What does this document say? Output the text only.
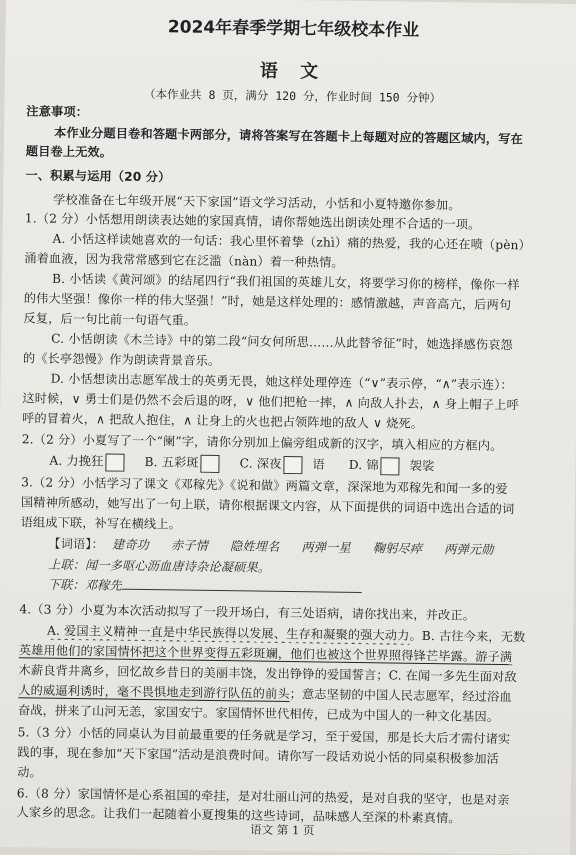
2024年春季学期七年级校本作业
语 文
（本作业共 8 页，满分 120 分，作业时间 150 分钟）
注意事项：
本作业分题目卷和答题卡两部分，请将答案写在答题卡上每题对应的答题区域内，写在
题目卷上无效。
一、积累与运用（20 分）
学校准备在七年级开展“天下家国”语文学习活动，小恬和小夏特邀你参加。
1.（2 分）小恬想用朗读表达她的家国真情，请你帮她选出朗读处理不合适的一项。
A. 小恬这样读她喜欢的一句话：我心里怀着挚（zhì）痛的热爱，我的心还在喷（pèn）
涌着血液，因为我常常感到它在泛滥（nàn）着一种热情。
B. 小恬读《黄河颂》的结尾四行“我们祖国的英雄儿女，将要学习你的榜样，像你一样
的伟大坚强！像你一样的伟大坚强！”时，她是这样处理的：感情激越，声音高亢，后两句
反复，后一句比前一句语气重。
C. 小恬朗读《木兰诗》中的第二段“问女何所思……从此替爷征”时，她选择感伤哀怨
的《长亭怨慢》作为朗读背景音乐。
D. 小恬想读出志愿军战士的英勇无畏，她这样处理停连（“∨”表示停，“∧”表示连）：
这时候，∨ 勇士们是仍然不会后退的呀，∨ 他们把枪一摔，∧ 向敌人扑去，∧ 身上帽子上呼
呼的冒着火，∧ 把敌人抱住，∧ 让身上的火也把占领阵地的敌人 ∨ 烧死。
2.（2 分）小夏写了一个“阑”字，请你分别加上偏旁组成新的汉字，填入相应的方框内。
A. 力挽狂	B. 五彩斑	C. 深夜	语 D. 锦	袈裟
3.（2 分）小恬学习了课文《邓稼先》《说和做》两篇文章，深深地为邓稼先和闻一多的爱
国精神所感动，她写出了一句上联，请你根据课文内容，从下面提供的词语中选出合适的词
语组成下联，补写在横线上。
【词语】： 建奇功 赤子情 隐姓埋名 两弹一星 鞠躬尽瘁 两弹元勋
上联：闻一多呕心沥血唐诗杂论凝硕果。
下联：邓稼先
4.（3 分）小夏为本次活动拟写了一段开场白，有三处语病，请你找出来，并改正。
A. 爱国主义精神一直是中华民族得以发展、生存和凝聚的强大动力。B. 古往今来，无数
英雄用他们的家国情怀把这个世界变得五彩斑斓，他们也被这个世界照得锋芒毕露。游子满
木薪良背井离乡，回忆故乡昔日的美丽丰饶，发出铮铮的爱国誓言；C. 在闻一多先生面对敌
人的威逼利诱时，毫不畏惧地走到游行队伍的前头；意志坚韧的中国人民志愿军，经过浴血
奋战，拼来了山河无恙，家国安宁。家国情怀世代相传，已成为中国人的一种文化基因。
5.（3 分）小恬的同桌认为目前最重要的任务就是学习，至于爱国，那是长大后才需付诸实
践的事，现在参加“天下家国”活动是浪费时间。请你写一段话劝说小恬的同桌积极参加活
动。
6.（8 分）家国情怀是心系祖国的牵挂，是对壮丽山河的热爱，是对自我的坚守，也是对亲
人家乡的思念。让我们一起随着小夏搜集的这些诗词，品味感人至深的朴素真情。
语文 第 1 页
